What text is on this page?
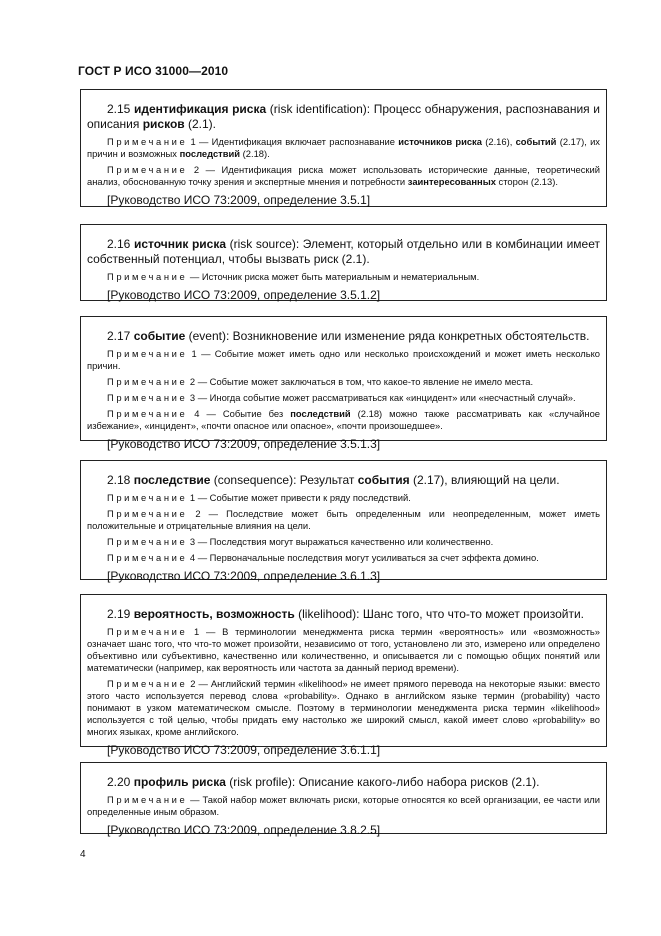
ГОСТ Р ИСО 31000—2010

2.15 идентификация риска (risk identification): Процесс обнаружения, распознавания и описания рисков (2.1).

Примечание 1 — Идентификация включает распознавание источников риска (2.16), событий (2.17), их причин и возможных последствий (2.18).

Примечание 2 — Идентификация риска может использовать исторические данные, теоретический анализ, обоснованную точку зрения и экспертные мнения и потребности заинтересованных сторон (2.13).

[Руководство ИСО 73:2009, определение 3.5.1]

2.16 источник риска (risk source): Элемент, который отдельно или в комбинации имеет собственный потенциал, чтобы вызвать риск (2.1).

Примечание — Источник риска может быть материальным и нематериальным.

[Руководство ИСО 73:2009, определение 3.5.1.2]

2.17 событие (event): Возникновение или изменение ряда конкретных обстоятельств.

Примечание 1 — Событие может иметь одно или несколько происхождений и может иметь несколько причин.

Примечание 2 — Событие может заключаться в том, что какое-то явление не имело места.

Примечание 3 — Иногда событие может рассматриваться как «инцидент» или «несчастный случай».

Примечание 4 — Событие без последствий (2.18) можно также рассматривать как «случайное избежание», «инцидент», «почти опасное или опасное», «почти произошедшее».

[Руководство ИСО 73:2009, определение 3.5.1.3]

2.18 последствие (consequence): Результат события (2.17), влияющий на цели.

Примечание 1 — Событие может привести к ряду последствий.

Примечание 2 — Последствие может быть определенным или неопределенным, может иметь положительные и отрицательные влияния на цели.

Примечание 3 — Последствия могут выражаться качественно или количественно.

Примечание 4 — Первоначальные последствия могут усиливаться за счет эффекта домино.

[Руководство ИСО 73:2009, определение 3.6.1.3]

2.19 вероятность, возможность (likelihood): Шанс того, что что-то может произойти.

Примечание 1 — В терминологии менеджмента риска термин «вероятность» или «возможность» означает шанс того, что что-то может произойти, независимо от того, установлено ли это, измерено или определено объективно или субъективно, качественно или количественно, и описывается ли с помощью общих понятий или математически (например, как вероятность или частота за данный период времени).

Примечание 2 — Английский термин «likelihood» не имеет прямого перевода на некоторые языки: вместо этого часто используется перевод слова «probability». Однако в английском языке термин (probability) часто понимают в узком математическом смысле. Поэтому в терминологии менеджмента риска термин «likelihood» используется с той целью, чтобы придать ему настолько же широкий смысл, какой имеет слово «probability» во многих языках, кроме английского.

[Руководство ИСО 73:2009, определение 3.6.1.1]

2.20 профиль риска (risk profile): Описание какого-либо набора рисков (2.1).

Примечание — Такой набор может включать риски, которые относятся ко всей организации, ее части или определенные иным образом.

[Руководство ИСО 73:2009, определение 3.8.2.5]

4
